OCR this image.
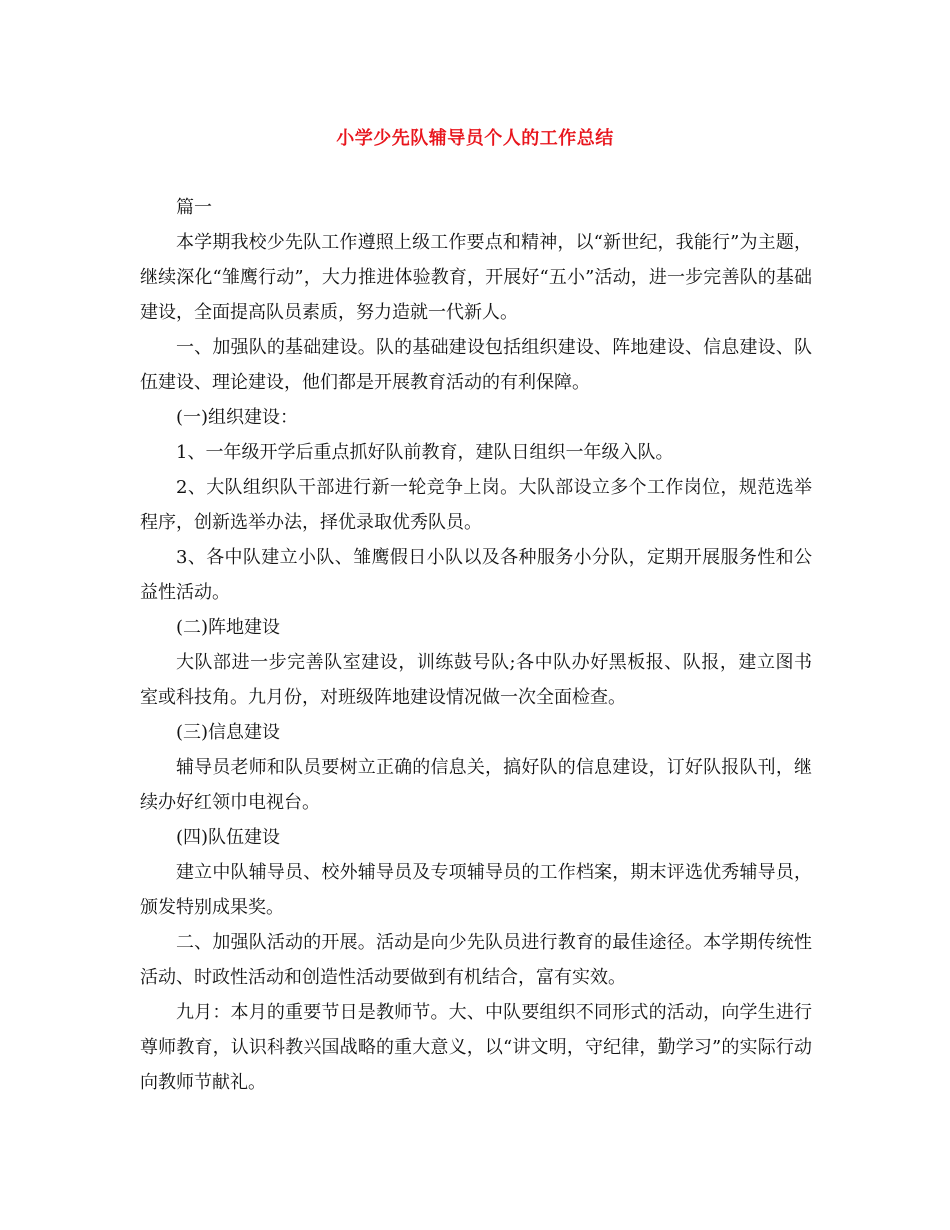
小学少先队辅导员个人的工作总结

篇一

本学期我校少先队工作遵照上级工作要点和精神，以“新世纪，我能行”为主题，继续深化“雏鹰行动”，大力推进体验教育，开展好“五小”活动，进一步完善队的基础建设，全面提高队员素质，努力造就一代新人。

一、加强队的基础建设。队的基础建设包括组织建设、阵地建设、信息建设、队伍建设、理论建设，他们都是开展教育活动的有利保障。

(一)组织建设：

1、一年级开学后重点抓好队前教育，建队日组织一年级入队。

2、大队组织队干部进行新一轮竞争上岗。大队部设立多个工作岗位，规范选举程序，创新选举办法，择优录取优秀队员。

3、各中队建立小队、雏鹰假日小队以及各种服务小分队，定期开展服务性和公益性活动。

(二)阵地建设

大队部进一步完善队室建设，训练鼓号队;各中队办好黑板报、队报，建立图书室或科技角。九月份，对班级阵地建设情况做一次全面检查。

(三)信息建设

辅导员老师和队员要树立正确的信息关，搞好队的信息建设，订好队报队刊，继续办好红领巾电视台。

(四)队伍建设

建立中队辅导员、校外辅导员及专项辅导员的工作档案，期末评选优秀辅导员，颁发特别成果奖。

二、加强队活动的开展。活动是向少先队员进行教育的最佳途径。本学期传统性活动、时政性活动和创造性活动要做到有机结合，富有实效。

九月：本月的重要节日是教师节。大、中队要组织不同形式的活动，向学生进行尊师教育，认识科教兴国战略的重大意义，以“讲文明，守纪律，勤学习”的实际行动向教师节献礼。
